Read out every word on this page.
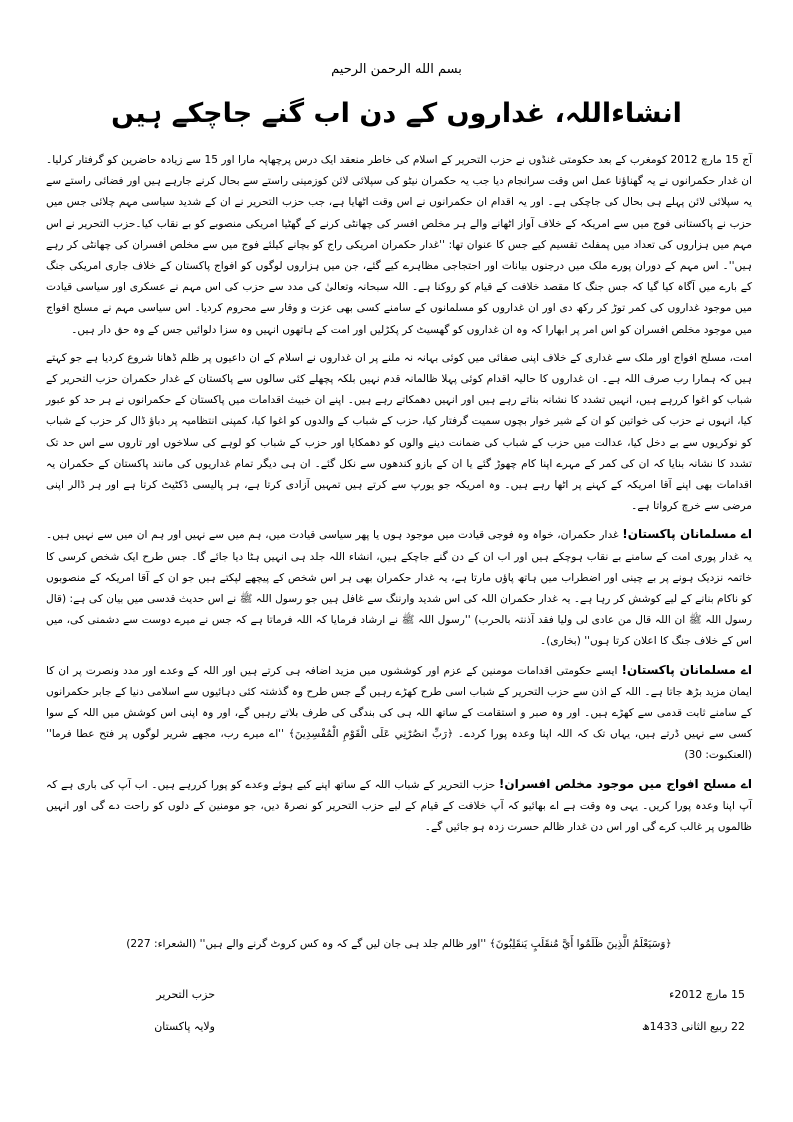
بسم الله الرحمن الرحیم
انشاءاللہ، غداروں کے دن اب گنے جاچکے ہیں

آج 15 مارچ 2012 کومغرب کے بعد حکومتی غنڈوں نے حزب التحریر کے اسلام کی خاطر منعقد ایک درس پرچھاپہ مارا اور 15 سے زیادہ حاضرین کو گرفتار کرلیا۔ ان غدار حکمرانوں نے یہ گھناؤنا عمل اس وقت سرانجام دیا جب یہ حکمران نیٹو کی سپلائی لائن کوزمینی راستے سے بحال کرنے جارہے ہیں اور فضائی راستے سے یہ سپلائی لائن پہلے ہی بحال کی جاچکی ہے۔ اور یہ اقدام ان حکمرانوں نے اس وقت اٹھایا ہے، جب حزب التحریر نے ان کے شدید سیاسی مہم چلائی جس میں حزب نے پاکستانی فوج میں سے امریکہ کے خلاف آواز اٹھانے والے ہر مخلص افسر کی چھانٹی کرنے کے گھٹیا امریکی منصوبے کو بے نقاب کیا۔حزب التحریر نے اس مہم میں ہزاروں کی تعداد میں پمفلٹ تقسیم کیے جس کا عنوان تھا: ''غدار حکمران امریکی راج کو بچانے کیلئے فوج میں سے مخلص افسران کی چھانٹی کر رہے ہیں''۔ اس مہم کے دوران پورے ملک میں درجنوں بیانات اور احتجاجی مظاہرے کیے گئے، جن میں ہزاروں لوگوں کو افواج پاکستان کے خلاف جاری امریکی جنگ کے بارے میں آگاہ کیا گیا کہ جس جنگ کا مقصد خلافت کے قیام کو روکنا ہے۔ اللہ سبحانہ وتعالیٰ کی مدد سے حزب کی اس مہم نے عسکری اور سیاسی قیادت میں موجود غداروں کی کمر توڑ کر رکھ دی اور ان غداروں کو مسلمانوں کے سامنے کسی بھی عزت و وقار سے محروم کردیا۔ اس سیاسی مہم نے مسلح افواج میں موجود مخلص افسران کو اس امر پر ابھارا کہ وہ ان غداروں کو گھسیٹ کر پکڑلیں اور امت کے ہاتھوں انہیں وہ سزا دلوائیں جس کے وہ حق دار ہیں۔

امت، مسلح افواج اور ملک سے غداری کے خلاف اپنی صفائی میں کوئی بہانہ نہ ملنے پر ان غداروں نے اسلام کے ان داعیوں پر ظلم ڈھانا شروع کردیا ہے جو کہتے ہیں کہ ہمارا رب صرف اللہ ہے۔ ان غداروں کا حالیہ اقدام کوئی پہلا ظالمانہ قدم نہیں بلکہ پچھلے کئی سالوں سے پاکستان کے غدار حکمران حزب التحریر کے شباب کو اغوا کررہے ہیں، انہیں تشدد کا نشانہ بناتے رہے ہیں اور انہیں دھمکاتے رہے ہیں۔ اپنے ان خبیث اقدامات میں پاکستان کے حکمرانوں نے ہر حد کو عبور کیا، انہوں نے حزب کی خواتین کو ان کے شیر خوار بچوں سمیت گرفتار کیا، حزب کے شباب کے والدوں کو اغوا کیا، کمپنی انتظامیہ پر دباؤ ڈال کر حزب کے شباب کو نوکریوں سے بے دخل کیا، عدالت میں حزب کے شباب کی ضمانت دینے والوں کو دھمکایا اور حزب کے شباب کو لوہے کی سلاخوں اور تاروں سے اس حد تک تشدد کا نشانہ بنایا کہ ان کی کمر کے مہرے اپنا کام چھوڑ گئے یا ان کے بازو کندھوں سے نکل گئے۔ ان ہی دیگر تمام غداریوں کی مانند پاکستان کے حکمران یہ اقدامات بھی اپنے آقا امریکہ کے کہنے پر اٹھا رہے ہیں۔ وہ امریکہ جو یورپ سے کرتے ہیں تمہیں آزادی کرتا ہے، ہر پالیسی ڈکٹیٹ کرتا ہے اور ہر ڈالر اپنی مرضی سے خرچ کرواتا ہے۔

اے مسلمانان پاکستان! غدار حکمران، خواہ وہ فوجی قیادت میں موجود ہوں یا پھر سیاسی قیادت میں، ہم میں سے نہیں اور ہم ان میں سے نہیں ہیں۔ یہ غدار پوری امت کے سامنے بے نقاب ہوچکے ہیں اور اب ان کے دن گنے جاچکے ہیں، انشاء اللہ جلد ہی انہیں ہٹا دیا جائے گا۔ جس طرح ایک شخص کرسی کا خاتمہ نزدیک ہونے پر بے چینی اور اضطراب میں ہاتھ پاؤں مارتا ہے، یہ غدار حکمران بھی ہر اس شخص کے پیچھے لپکتے ہیں جو ان کے آقا امریکہ کے منصوبوں کو ناکام بنانے کے لیے کوشش کر رہا ہے۔ یہ غدار حکمران اللہ کی اس شدید وارننگ سے غافل ہیں جو رسول اللہ ﷺ نے اس حدیث قدسی میں بیان کی ہے: (قال رسول اللہ ﷺ ان اللہ قال من عادی لی ولیا فقد آذنتہ بالحرب) ''رسول اللہ ﷺ نے ارشاد فرمایا کہ اللہ فرماتا ہے کہ جس نے میرے دوست سے دشمنی کی، میں اس کے خلاف جنگ کا اعلان کرتا ہوں'' (بخاری)۔

اے مسلمانان پاکستان! ایسے حکومتی اقدامات مومنین کے عزم اور کوششوں میں مزید اضافہ ہی کرتے ہیں اور اللہ کے وعدے اور مدد ونصرت پر ان کا ایمان مزید بڑھ جاتا ہے۔ اللہ کے اذن سے حزب التحریر کے شباب اسی طرح کھڑے رہیں گے جس طرح وہ گذشتہ کئی دہائیوں سے اسلامی دنیا کے جابر حکمرانوں کے سامنے ثابت قدمی سے کھڑے ہیں۔ اور وہ صبر و استقامت کے ساتھ اللہ ہی کی بندگی کی طرف بلاتے رہیں گے، اور وہ اپنی اس کوشش میں اللہ کے سوا کسی سے نہیں ڈرتے ہیں، یہاں تک کہ اللہ اپنا وعدہ پورا کردے۔ ﴿رَبِّ انصُرْنِي عَلَى الْقَوْمِ الْمُفْسِدِينَ﴾ ''اے میرے رب، مجھے شریر لوگوں پر فتح عطا فرما'' (العنکبوت: 30)

اے مسلح افواج میں موجود مخلص افسران! حزب التحریر کے شباب اللہ کے ساتھ اپنے کیے ہوئے وعدے کو پورا کررہے ہیں۔ اب آپ کی باری ہے کہ آپ اپنا وعدہ پورا کریں۔ یہی وہ وقت ہے اے بھائیو کہ آپ خلافت کے قیام کے لیے حزب التحریر کو نصرۃ دیں، جو مومنین کے دلوں کو راحت دے گی اور انہیں ظالموں پر غالب کرے گی اور اس دن غدار ظالم حسرت زدہ ہو جائیں گے۔

﴿وَسَيَعْلَمُ الَّذِينَ ظَلَمُوا أَيَّ مُنقَلَبٍ يَنقَلِبُونَ﴾ ''اور ظالم جلد ہی جان لیں گے کہ وہ کس کروٹ گرنے والے ہیں'' (الشعراء: 227)
حزب التحریر	15 مارچ 2012ء
ولایہ پاکستان	22 ربیع الثانی 1433ھ
